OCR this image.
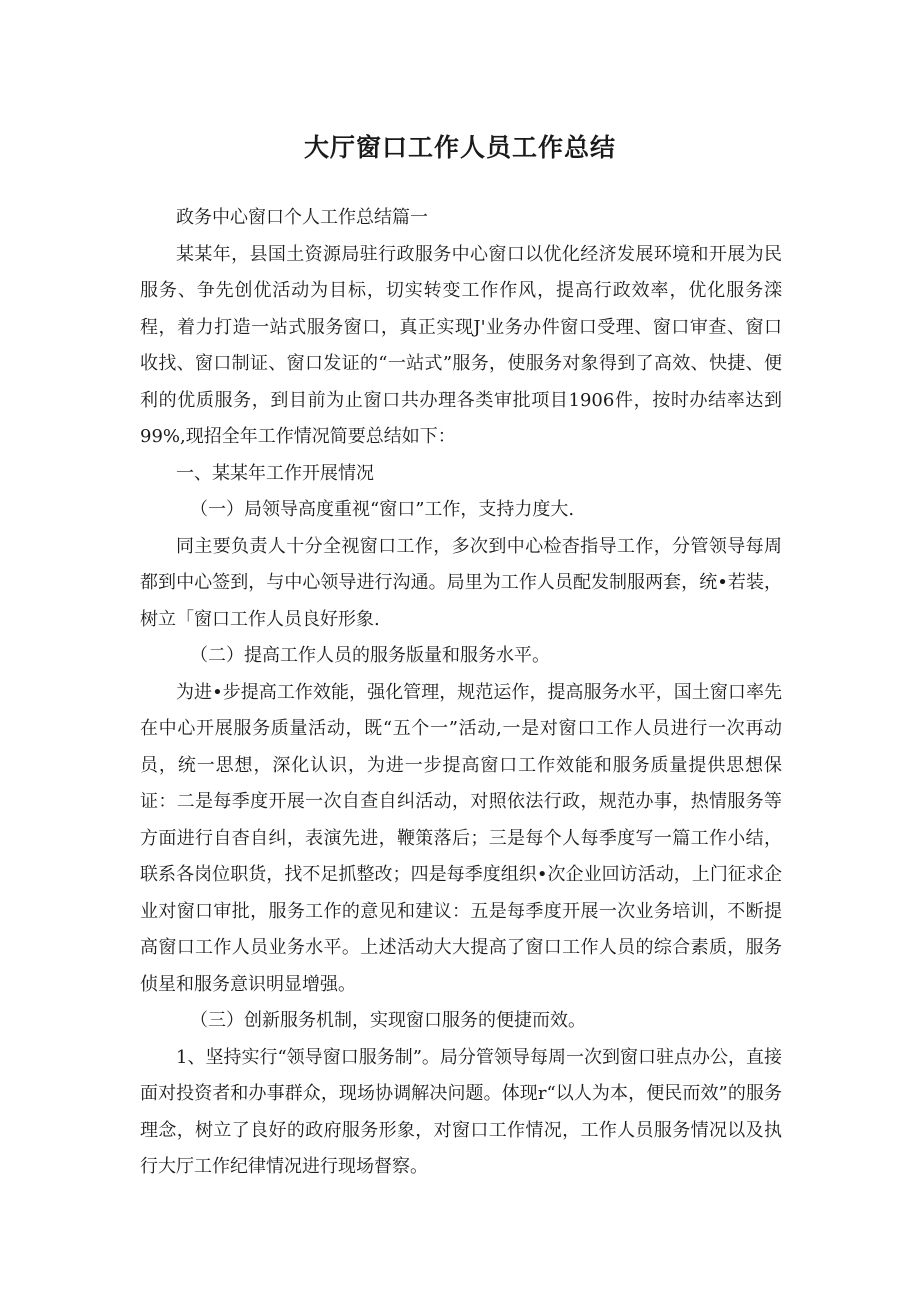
大厅窗口工作人员工作总结

政务中心窗口个人工作总结篇一

某某年，县国土资源局驻行政服务中心窗口以优化经济发展环境和开展为民服务、争先创优活动为目标，切实转变工作作风，提高行政效率，优化服务滦程，着力打造一站式服务窗口，真正实现J'业务办件窗口受理、窗口审查、窗口收找、窗口制证、窗口发证的“一站式”服务，使服务对象得到了高效、快捷、便利的优质服务，到目前为止窗口共办理各类审批项目1906件，按时办结率达到99%,现招全年工作情况简要总结如下：

一、某某年工作开展情况

（一）局领导高度重视“窗口”工作，支持力度大.

同主要负责人十分全视窗口工作，多次到中心检杳指导工作，分管领导每周都到中心签到，与中心领导进行沟通。局里为工作人员配发制服两套，统•若装，树立「窗口工作人员良好形象.

（二）提高工作人员的服务版量和服务水平。

为进•步提高工作效能，强化管理，规范运作，提高服务水平，国土窗口率先在中心开展服务质量活动，既“五个一”活动,一是对窗口工作人员进行一次再动员，统一思想，深化认识，为进一步提高窗口工作效能和服务质量提供思想保证：二是每季度开展一次自查自纠活动，对照依法行政，规范办事，热情服务等方面进行自杳自纠，表演先进，鞭策落后；三是每个人每季度写一篇工作小结，联系各岗位职货，找不足抓整改；四是每季度组织•次企业回访活动，上门征求企业对窗口审批，服务工作的意见和建议：五是每季度开展一次业务培训，不断提高窗口工作人员业务水平。上述活动大大提高了窗口工作人员的综合素质，服务侦星和服务意识明显增强。

（三）创新服务机制，实现窗口服务的便捷而效。

1、坚持实行“领导窗口服务制”。局分管领导每周一次到窗口驻点办公，直接面对投资者和办事群众，现场协调解决问题。体现r“以人为本，便民而效”的服务理念，树立了良好的政府服务形象，对窗口工作情况，工作人员服务情况以及执行大厅工作纪律情况进行现场督察。
